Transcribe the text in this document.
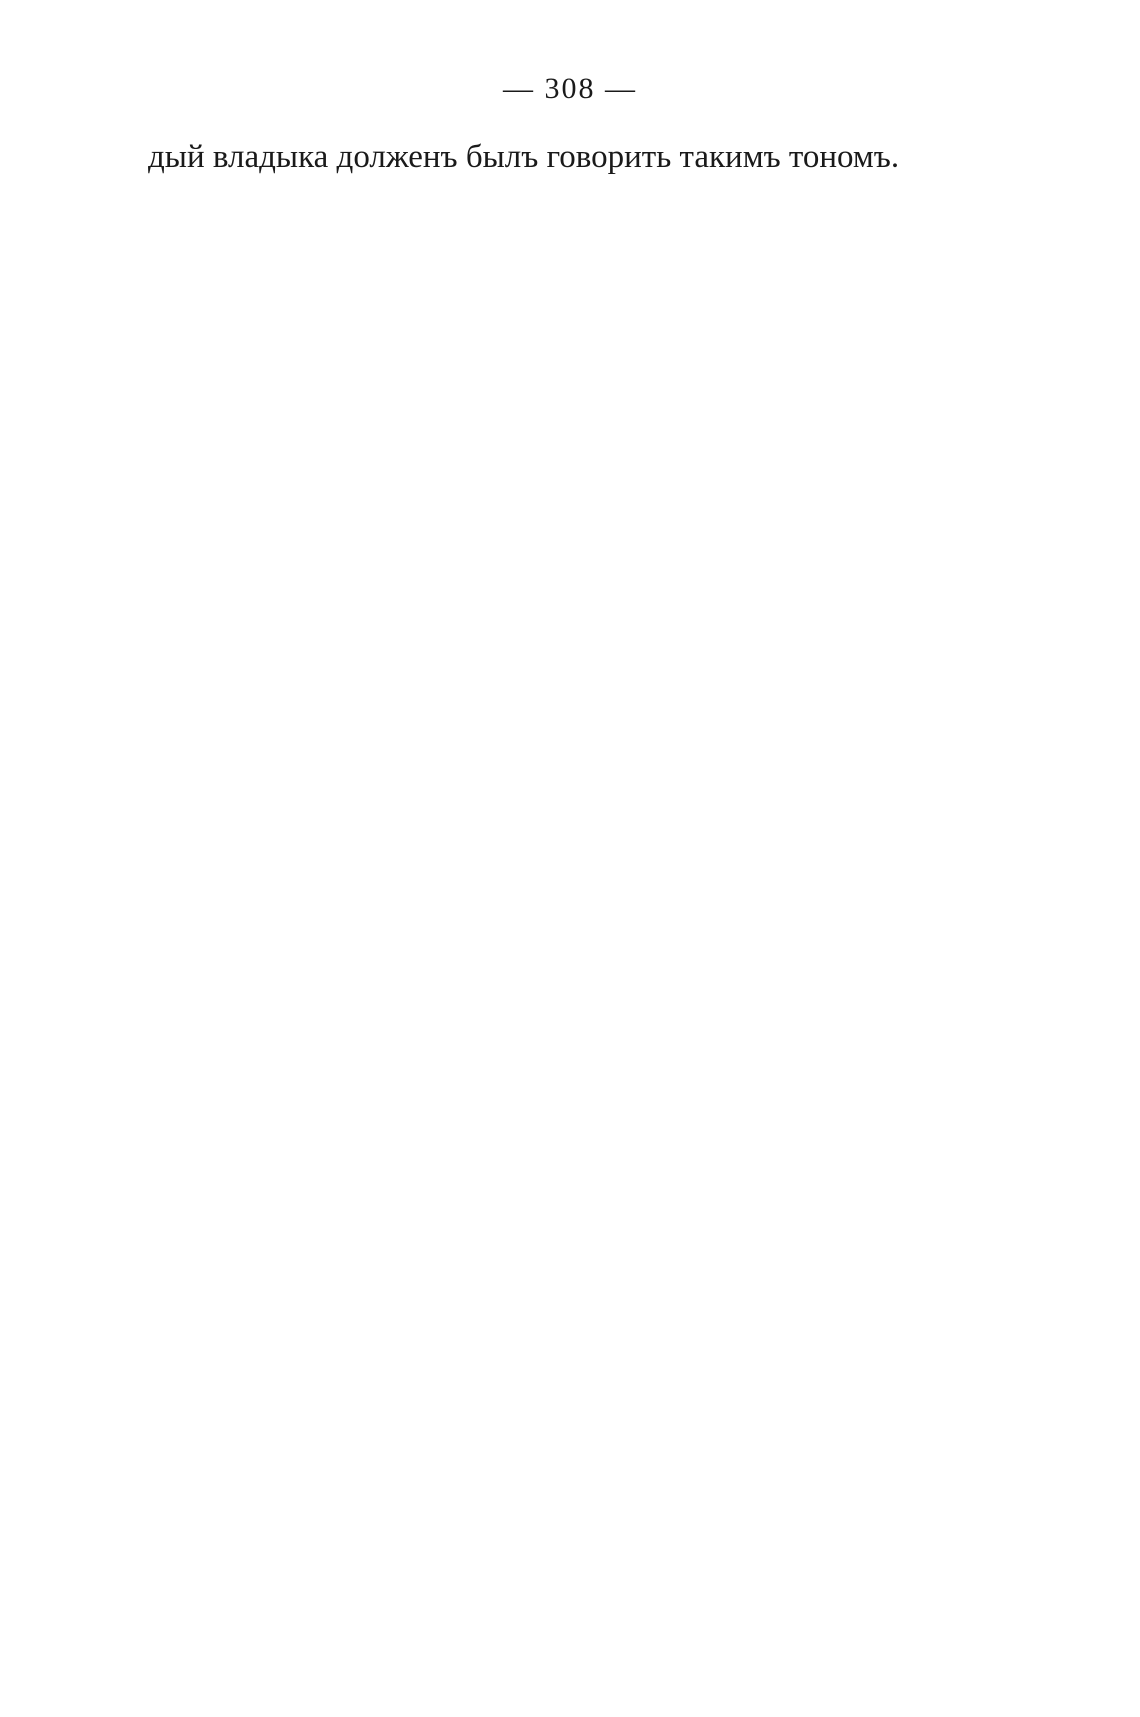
— 308 —
дый владыка долженъ былъ говорить такимъ тономъ.
